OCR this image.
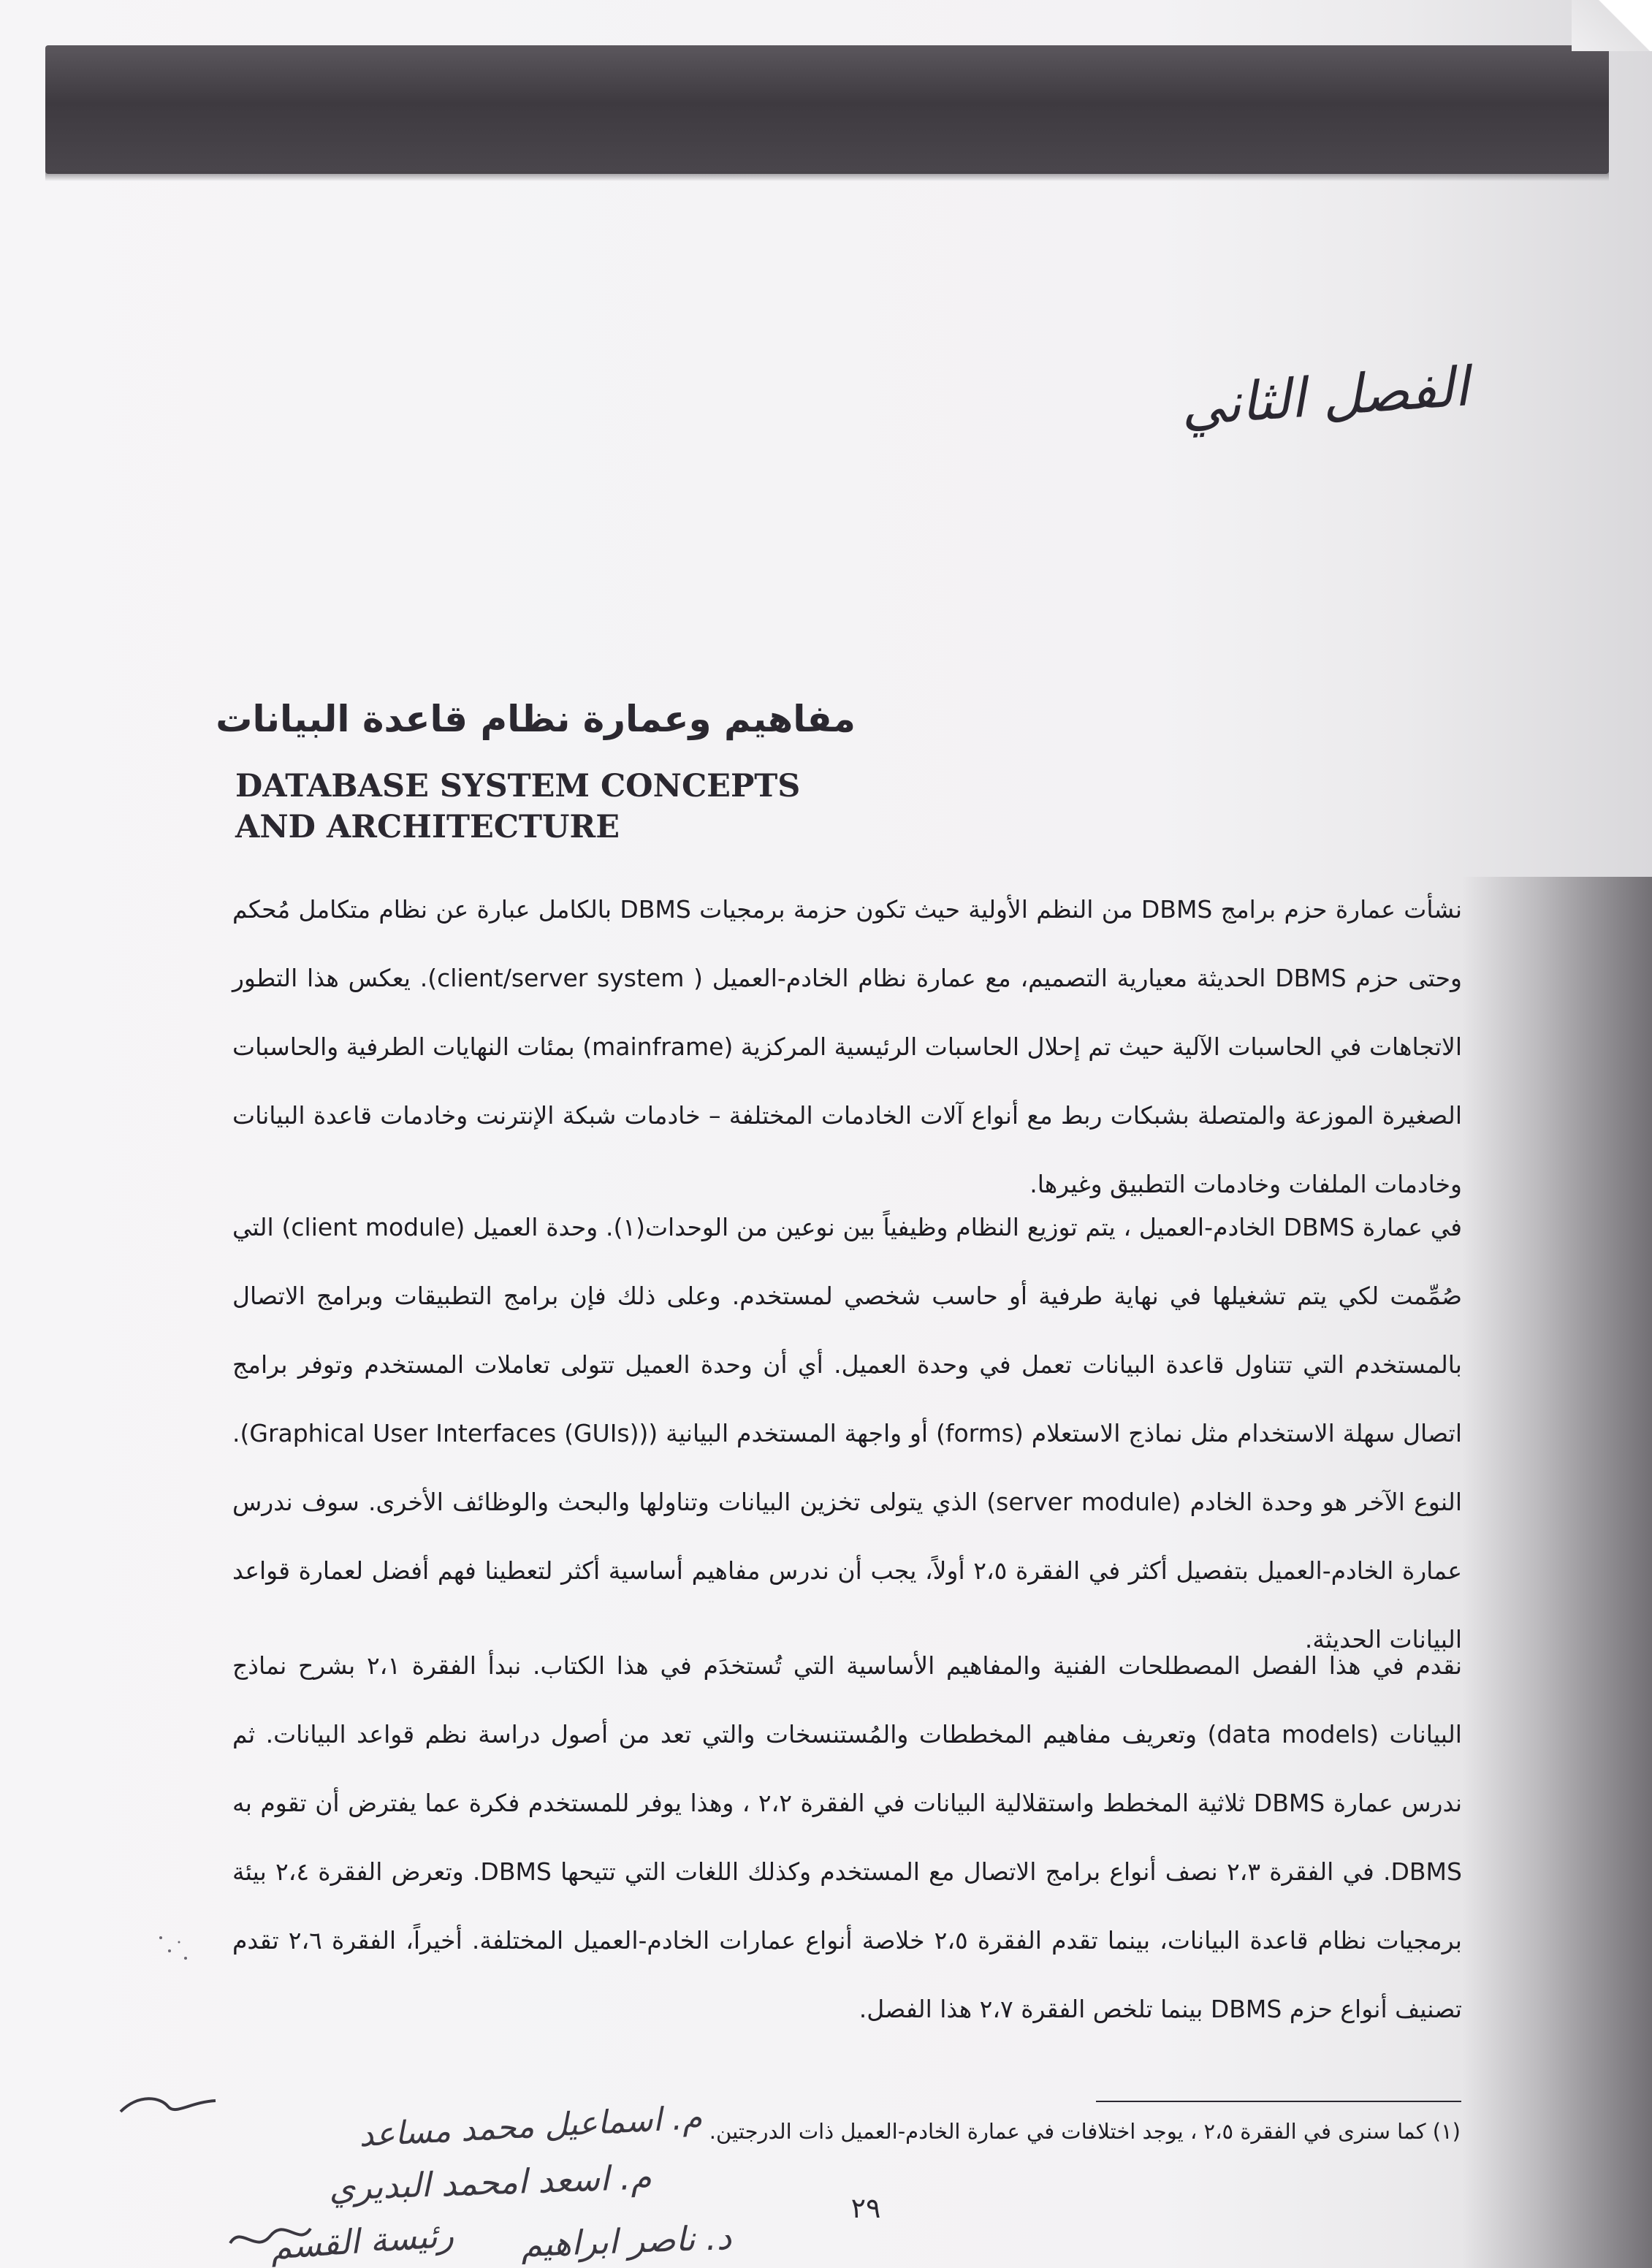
الفصل الثاني
مفاهيم وعمارة نظام قاعدة البيانات
DATABASE SYSTEM CONCEPTS
AND ARCHITECTURE

نشأت عمارة حزم برامج DBMS من النظم الأولية حيث تكون حزمة برمجيات DBMS بالكامل عبارة عن نظام متكامل مُحكم وحتى حزم DBMS الحديثة معيارية التصميم، مع عمارة نظام الخادم-العميل ( client/server system). يعكس هذا التطور الاتجاهات في الحاسبات الآلية حيث تم إحلال الحاسبات الرئيسية المركزية (mainframe) بمئات النهايات الطرفية والحاسبات الصغيرة الموزعة والمتصلة بشبكات ربط مع أنواع آلات الخادمات المختلفة – خادمات شبكة الإنترنت وخادمات قاعدة البيانات وخادمات الملفات وخادمات التطبيق وغيرها.

في عمارة DBMS الخادم-العميل ، يتم توزيع النظام وظيفياً بين نوعين من الوحدات(١). وحدة العميل (client module) التي صُمِّمت لكي يتم تشغيلها في نهاية طرفية أو حاسب شخصي لمستخدم. وعلى ذلك فإن برامج التطبيقات وبرامج الاتصال بالمستخدم التي تتناول قاعدة البيانات تعمل في وحدة العميل. أي أن وحدة العميل تتولى تعاملات المستخدم وتوفر برامج اتصال سهلة الاستخدام مثل نماذج الاستعلام (forms) أو واجهة المستخدم البيانية ((Graphical User Interfaces (GUIs)). النوع الآخر هو وحدة الخادم (server module) الذي يتولى تخزين البيانات وتناولها والبحث والوظائف الأخرى. سوف ندرس عمارة الخادم-العميل بتفصيل أكثر في الفقرة ٢،٥ أولاً، يجب أن ندرس مفاهيم أساسية أكثر لتعطينا فهم أفضل لعمارة قواعد البيانات الحديثة.

نقدم في هذا الفصل المصطلحات الفنية والمفاهيم الأساسية التي تُستخدَم في هذا الكتاب. نبدأ الفقرة ٢،١ بشرح نماذج البيانات (data models) وتعريف مفاهيم المخططات والمُستنسخات والتي تعد من أصول دراسة نظم قواعد البيانات. ثم ندرس عمارة DBMS ثلاثية المخطط واستقلالية البيانات في الفقرة ٢،٢ ، وهذا يوفر للمستخدم فكرة عما يفترض أن تقوم به DBMS. في الفقرة ٢،٣ نصف أنواع برامج الاتصال مع المستخدم وكذلك اللغات التي تتيحها DBMS. وتعرض الفقرة ٢،٤ بيئة برمجيات نظام قاعدة البيانات، بينما تقدم الفقرة ٢،٥ خلاصة أنواع عمارات الخادم-العميل المختلفة. أخيراً، الفقرة ٢،٦ تقدم تصنيف أنواع حزم DBMS بينما تلخص الفقرة ٢،٧ هذا الفصل.

(١) كما سنرى في الفقرة ٢،٥ ، يوجد اختلافات في عمارة الخادم-العميل ذات الدرجتين.
٢٩
م. اسماعيل محمد مساعد
م. اسعد امحمد البديري
د. ناصر ابراهيم
رئيسة القسم
